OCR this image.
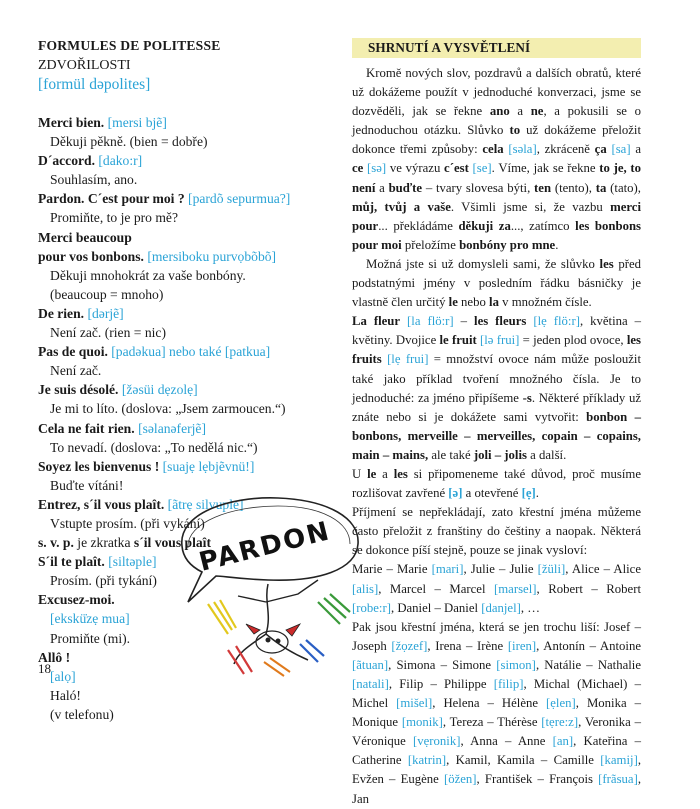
FORMULES DE POLITESSE
ZDVOŘILOSTI
[formül dəpolites]
Merci bien. [mersi bjẽ]
Děkuji pěkně. (bien = dobře)
D´accord. [dako:r]
Souhlasím, ano.
Pardon. C´est pour moi ? [pardõ sepurmua?]
Promiňte, to je pro mě?
Merci beaucoup
pour vos bonbons. [mersiboku purvọbõbõ]
Děkuji mnohokrát za vaše bonbóny.
(beaucoup = mnoho)
De rien. [dərjẽ]
Není zač. (rien = nic)
Pas de quoi. [padəkua] nebo také [patkua]
Není zač.
Je suis désolé. [žəsüi dẹzolẹ]
Je mi to líto. (doslova: „Jsem zarmoucen.“)
Cela ne fait rien. [sǝlanǝferjẽ]
To nevadí. (doslova: „To nedělá nic.“)
Soyez les bienvenus ! [suajẹ lẹbjẽvnü!]
Buďte vítáni!
Entrez, s´il vous plaît. [ãtrẹ silvuple]
Vstupte prosím. (při vykání)
s. v. p. je zkratka s´il vous plaît
S´il te plaît. [siltəple]
Prosím. (při tykání)
Excusez-moi.
[ekskü̇zẹ mua]
Promiňte (mi).
Allô !
[alọ]
Haló!
(v telefonu)
PARDON
SHRNUTÍ A VYSVĚTLENÍ

Kromě nových slov, pozdravů a dalších obratů, které už dokážeme použít v jednoduché konverzaci, jsme se dozvěděli, jak se řekne ano a ne, a pokusili se o jednoduchou otázku. Slůvko to už dokážeme přeložit dokonce třemi způsoby: cela [səla], zkráceně ça [sa] a ce [sə] ve výrazu c´est [se]. Víme, jak se řekne to je, to není a buďte – tvary slovesa býti, ten (tento), ta (tato), můj, tvůj a vaše. Všimli jsme si, že vazbu merci pour... překládáme děkuji za..., zatímco les bonbons pour moi přeložíme bonbóny pro mne.

Možná jste si už domysleli sami, že slůvko les před podstatnými jmény v posledním řádku básničky je vlastně člen určitý le nebo la v množném čísle.

La fleur [la flö:r] – les fleurs [lẹ flö:r], květina – květiny. Dvojice le fruit [lə frui] = jeden plod ovoce, les fruits [lẹ frui] = množství ovoce nám může posloužit také jako příklad tvoření množného čísla. Je to jednoduché: za jméno připíšeme -s. Některé příklady už znáte nebo si je dokážete sami vytvořit: bonbon – bonbons, merveille – merveilles, copain – copains, main – mains, ale také joli – jolis a další.

U le a les si připomeneme také důvod, proč musíme rozlišovat zavřené [ə] a otevřené [ẹ].

Příjmení se nepřekládají, zato křestní jména můžeme často přeložit z franštiny do češtiny a naopak. Některá se dokonce píší stejně, pouze se jinak vysloví:

Marie – Marie [mari], Julie – Julie [žüli], Alice – Alice [alis], Marcel – Marcel [marsel], Robert – Robert [robe:r], Daniel – Daniel [danjel], …

Pak jsou křestní jména, která se jen trochu liší: Josef – Joseph [žọzef], Irena – Irène [iren], Antonín – Antoine [ãtuan], Simona – Simone [simon], Natálie – Nathalie [natali], Filip – Philippe [filip], Michal (Michael) – Michel [mišel], Helena – Hélène [ẹlen], Monika – Monique [monik], Tereza – Thérèse [tẹre:z], Veronika – Véronique [vẹronik], Anna – Anne [an], Kateřina – Catherine [katrin], Kamil, Kamila – Camille [kamij], Evžen – Eugène [öžen], František – François [frãsua], Jan

18
